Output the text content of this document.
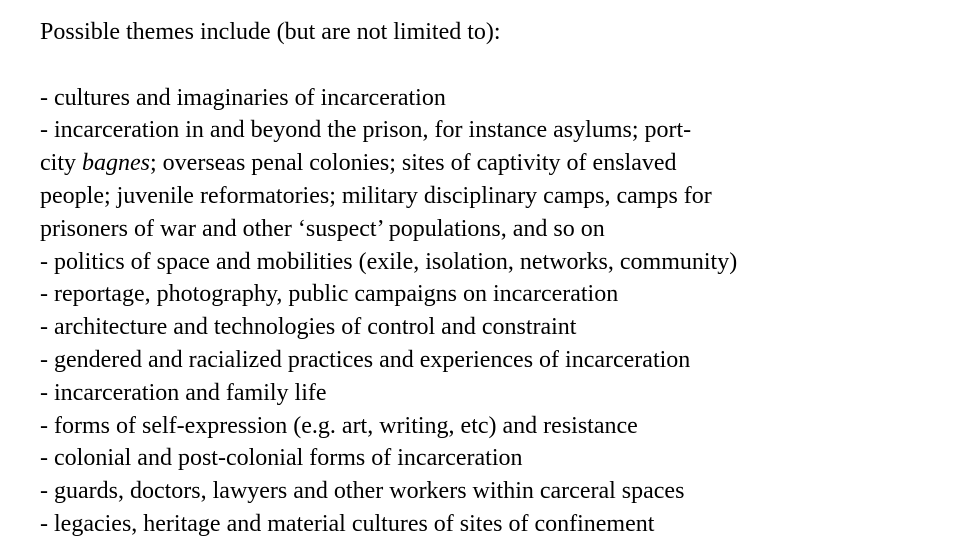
Possible themes include (but are not limited to):
- cultures and imaginaries of incarceration
- incarceration in and beyond the prison, for instance asylums; port-
city bagnes; overseas penal colonies; sites of captivity of enslaved
people; juvenile reformatories; military disciplinary camps, camps for
prisoners of war and other ‘suspect’ populations, and so on
- politics of space and mobilities (exile, isolation, networks, community)
- reportage, photography, public campaigns on incarceration
- architecture and technologies of control and constraint
- gendered and racialized practices and experiences of incarceration
- incarceration and family life
- forms of self-expression (e.g. art, writing, etc) and resistance
- colonial and post-colonial forms of incarceration
- guards, doctors, lawyers and other workers within carceral spaces
- legacies, heritage and material cultures of sites of confinement
